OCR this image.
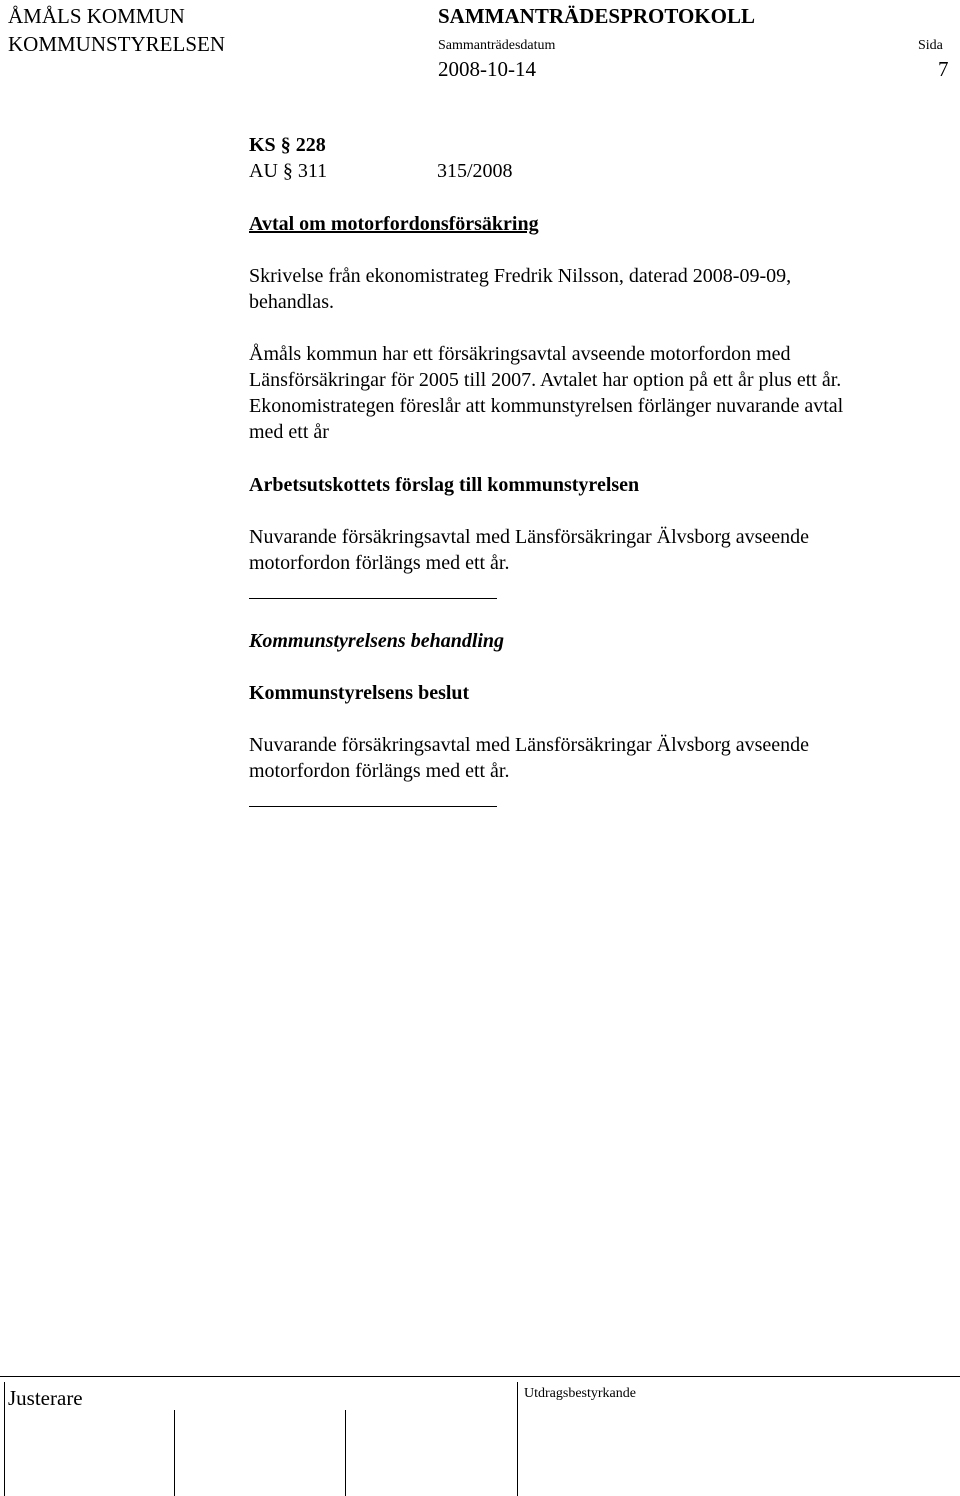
ÅMÅLS KOMMUN
KOMMUNSTYRELSEN
SAMMANTRÄDESPROTOKOLL
Sammanträdesdatum	Sida
2008-10-14	7
KS § 228
AU § 311	315/2008
Avtal om motorfordonsförsäkring
Skrivelse från ekonomistrateg Fredrik Nilsson, daterad 2008-09-09,
behandlas.
Åmåls kommun har ett försäkringsavtal avseende motorfordon med
Länsförsäkringar för 2005 till 2007. Avtalet har option på ett år plus ett år.
Ekonomistrategen föreslår att kommunstyrelsen förlänger nuvarande avtal
med ett år
Arbetsutskottets förslag till kommunstyrelsen
Nuvarande försäkringsavtal med Länsförsäkringar Älvsborg avseende
motorfordon förlängs med ett år.
Kommunstyrelsens behandling
Kommunstyrelsens beslut
Nuvarande försäkringsavtal med Länsförsäkringar Älvsborg avseende
motorfordon förlängs med ett år.
Justerare	Utdragsbestyrkande
